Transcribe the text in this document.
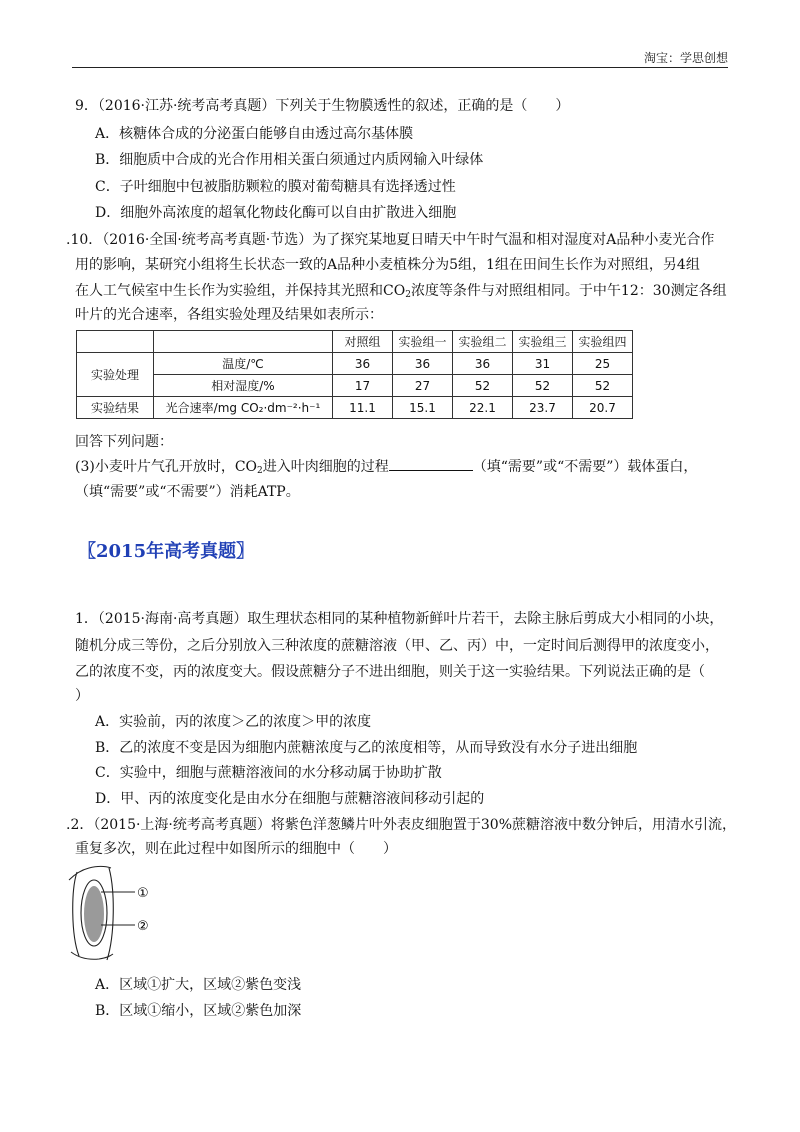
淘宝：学思创想
9．（2016·江苏·统考高考真题）下列关于生物膜透性的叙述，正确的是（　　）
A．核糖体合成的分泌蛋白能够自由透过高尔基体膜
B．细胞质中合成的光合作用相关蛋白须通过内质网输入叶绿体
C．子叶细胞中包被脂肪颗粒的膜对葡萄糖具有选择透过性
D．细胞外高浓度的超氧化物歧化酶可以自由扩散进入细胞
.10．（2016·全国·统考高考真题·节选）为了探究某地夏日晴天中午时气温和相对湿度对A品种小麦光合作
用的影响，某研究小组将生长状态一致的A品种小麦植株分为5组，1组在田间生长作为对照组，另4组
在人工气候室中生长作为实验组，并保持其光照和$CO_2$浓度等条件与对照组相同。于中午12：30测定各组
叶片的光合速率，各组实验处理及结果如表所示：
		对照组	实验组一	实验组二	实验组三	实验组四
实验处理	温度/℃	36	36	36	31	25
	相对湿度/%	17	27	52	52	52
实验结果	光合速率/mg CO₂·dm⁻²·h⁻¹	11.1	15.1	22.1	23.7	20.7
回答下列问题：
(3)小麦叶片气孔开放时，$CO_2$进入叶肉细胞的过程	（填“需要”或“不需要”）载体蛋白，
（填“需要”或“不需要”）消耗ATP。
〖2015年高考真题〗
1．（2015·海南·高考真题）取生理状态相同的某种植物新鲜叶片若干，去除主脉后剪成大小相同的小块，
随机分成三等份，之后分别放入三种浓度的蔗糖溶液（甲、乙、丙）中，一定时间后测得甲的浓度变小，
乙的浓度不变，丙的浓度变大。假设蔗糖分子不进出细胞，则关于这一实验结果。下列说法正确的是（
）
A．实验前，丙的浓度＞乙的浓度＞甲的浓度
B．乙的浓度不变是因为细胞内蔗糖浓度与乙的浓度相等，从而导致没有水分子进出细胞
C．实验中，细胞与蔗糖溶液间的水分移动属于协助扩散
D．甲、丙的浓度变化是由水分在细胞与蔗糖溶液间移动引起的
.2．（2015·上海·统考高考真题）将紫色洋葱鳞片叶外表皮细胞置于30%蔗糖溶液中数分钟后，用清水引流，
重复多次，则在此过程中如图所示的细胞中（　　）
①
②
A．区域①扩大，区域②紫色变浅
B．区域①缩小，区域②紫色加深
